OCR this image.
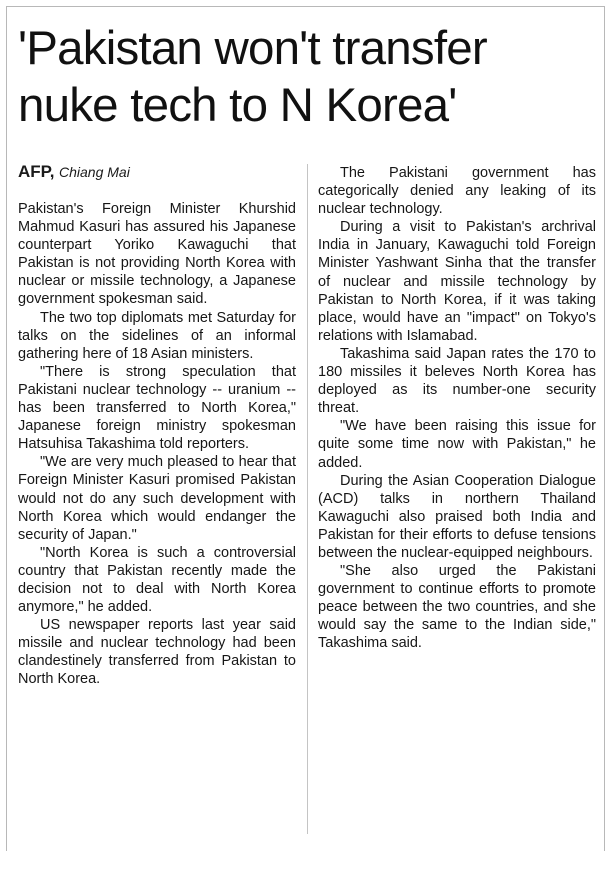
'Pakistan won't transfer
nuke tech to N Korea'
AFP, Chiang Mai

Pakistan's Foreign Minister Khurshid Mahmud Kasuri has assured his Japanese counterpart Yoriko Kawaguchi that Pakistan is not providing North Korea with nuclear or missile technology, a Japanese government spokesman said.

The two top diplomats met Saturday for talks on the sidelines of an informal gathering here of 18 Asian ministers.

"There is strong speculation that Pakistani nuclear technology -- uranium -- has been transferred to North Korea," Japanese foreign ministry spokesman Hatsuhisa Takashima told reporters.

"We are very much pleased to hear that Foreign Minister Kasuri promised Pakistan would not do any such development with North Korea which would endanger the security of Japan."

"North Korea is such a controversial country that Pakistan recently made the decision not to deal with North Korea anymore," he added.

US newspaper reports last year said missile and nuclear technology had been clandestinely transferred from Pakistan to North Korea.

The Pakistani government has categorically denied any leaking of its nuclear technology.

During a visit to Pakistan's archrival India in January, Kawaguchi told Foreign Minister Yashwant Sinha that the transfer of nuclear and missile technology by Pakistan to North Korea, if it was taking place, would have an "impact" on Tokyo's relations with Islamabad.

Takashima said Japan rates the 170 to 180 missiles it beleves North Korea has deployed as its number-one security threat.

"We have been raising this issue for quite some time now with Pakistan," he added.

During the Asian Cooperation Dialogue (ACD) talks in northern Thailand Kawaguchi also praised both India and Pakistan for their efforts to defuse tensions between the nuclear-equipped neighbours.

"She also urged the Pakistani government to continue efforts to promote peace between the two countries, and she would say the same to the Indian side," Takashima said.
